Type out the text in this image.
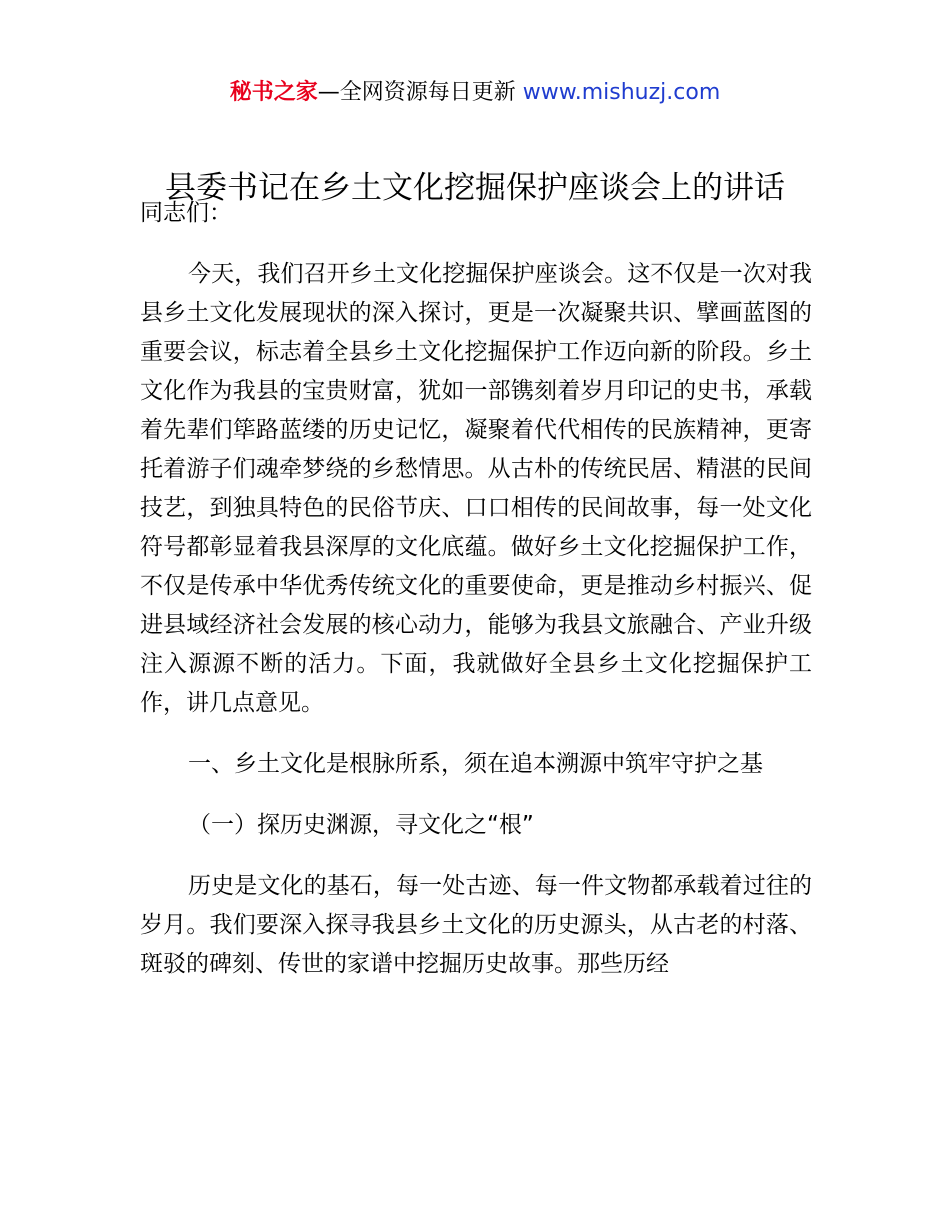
秘书之家—全网资源每日更新 www.mishuzj.com
县委书记在乡土文化挖掘保护座谈会上的讲话

同志们：

今天，我们召开乡土文化挖掘保护座谈会。这不仅是一次对我县乡土文化发展现状的深入探讨，更是一次凝聚共识、擘画蓝图的重要会议，标志着全县乡土文化挖掘保护工作迈向新的阶段。乡土文化作为我县的宝贵财富，犹如一部镌刻着岁月印记的史书，承载着先辈们筚路蓝缕的历史记忆，凝聚着代代相传的民族精神，更寄托着游子们魂牵梦绕的乡愁情思。从古朴的传统民居、精湛的民间技艺，到独具特色的民俗节庆、口口相传的民间故事，每一处文化符号都彰显着我县深厚的文化底蕴。做好乡土文化挖掘保护工作，不仅是传承中华优秀传统文化的重要使命，更是推动乡村振兴、促进县域经济社会发展的核心动力，能够为我县文旅融合、产业升级注入源源不断的活力。下面，我就做好全县乡土文化挖掘保护工作，讲几点意见。

一、乡土文化是根脉所系，须在追本溯源中筑牢守护之基

（一）探历史渊源，寻文化之“根”

历史是文化的基石，每一处古迹、每一件文物都承载着过往的岁月。我们要深入探寻我县乡土文化的历史源头，从古老的村落、斑驳的碑刻、传世的家谱中挖掘历史故事。那些历经
